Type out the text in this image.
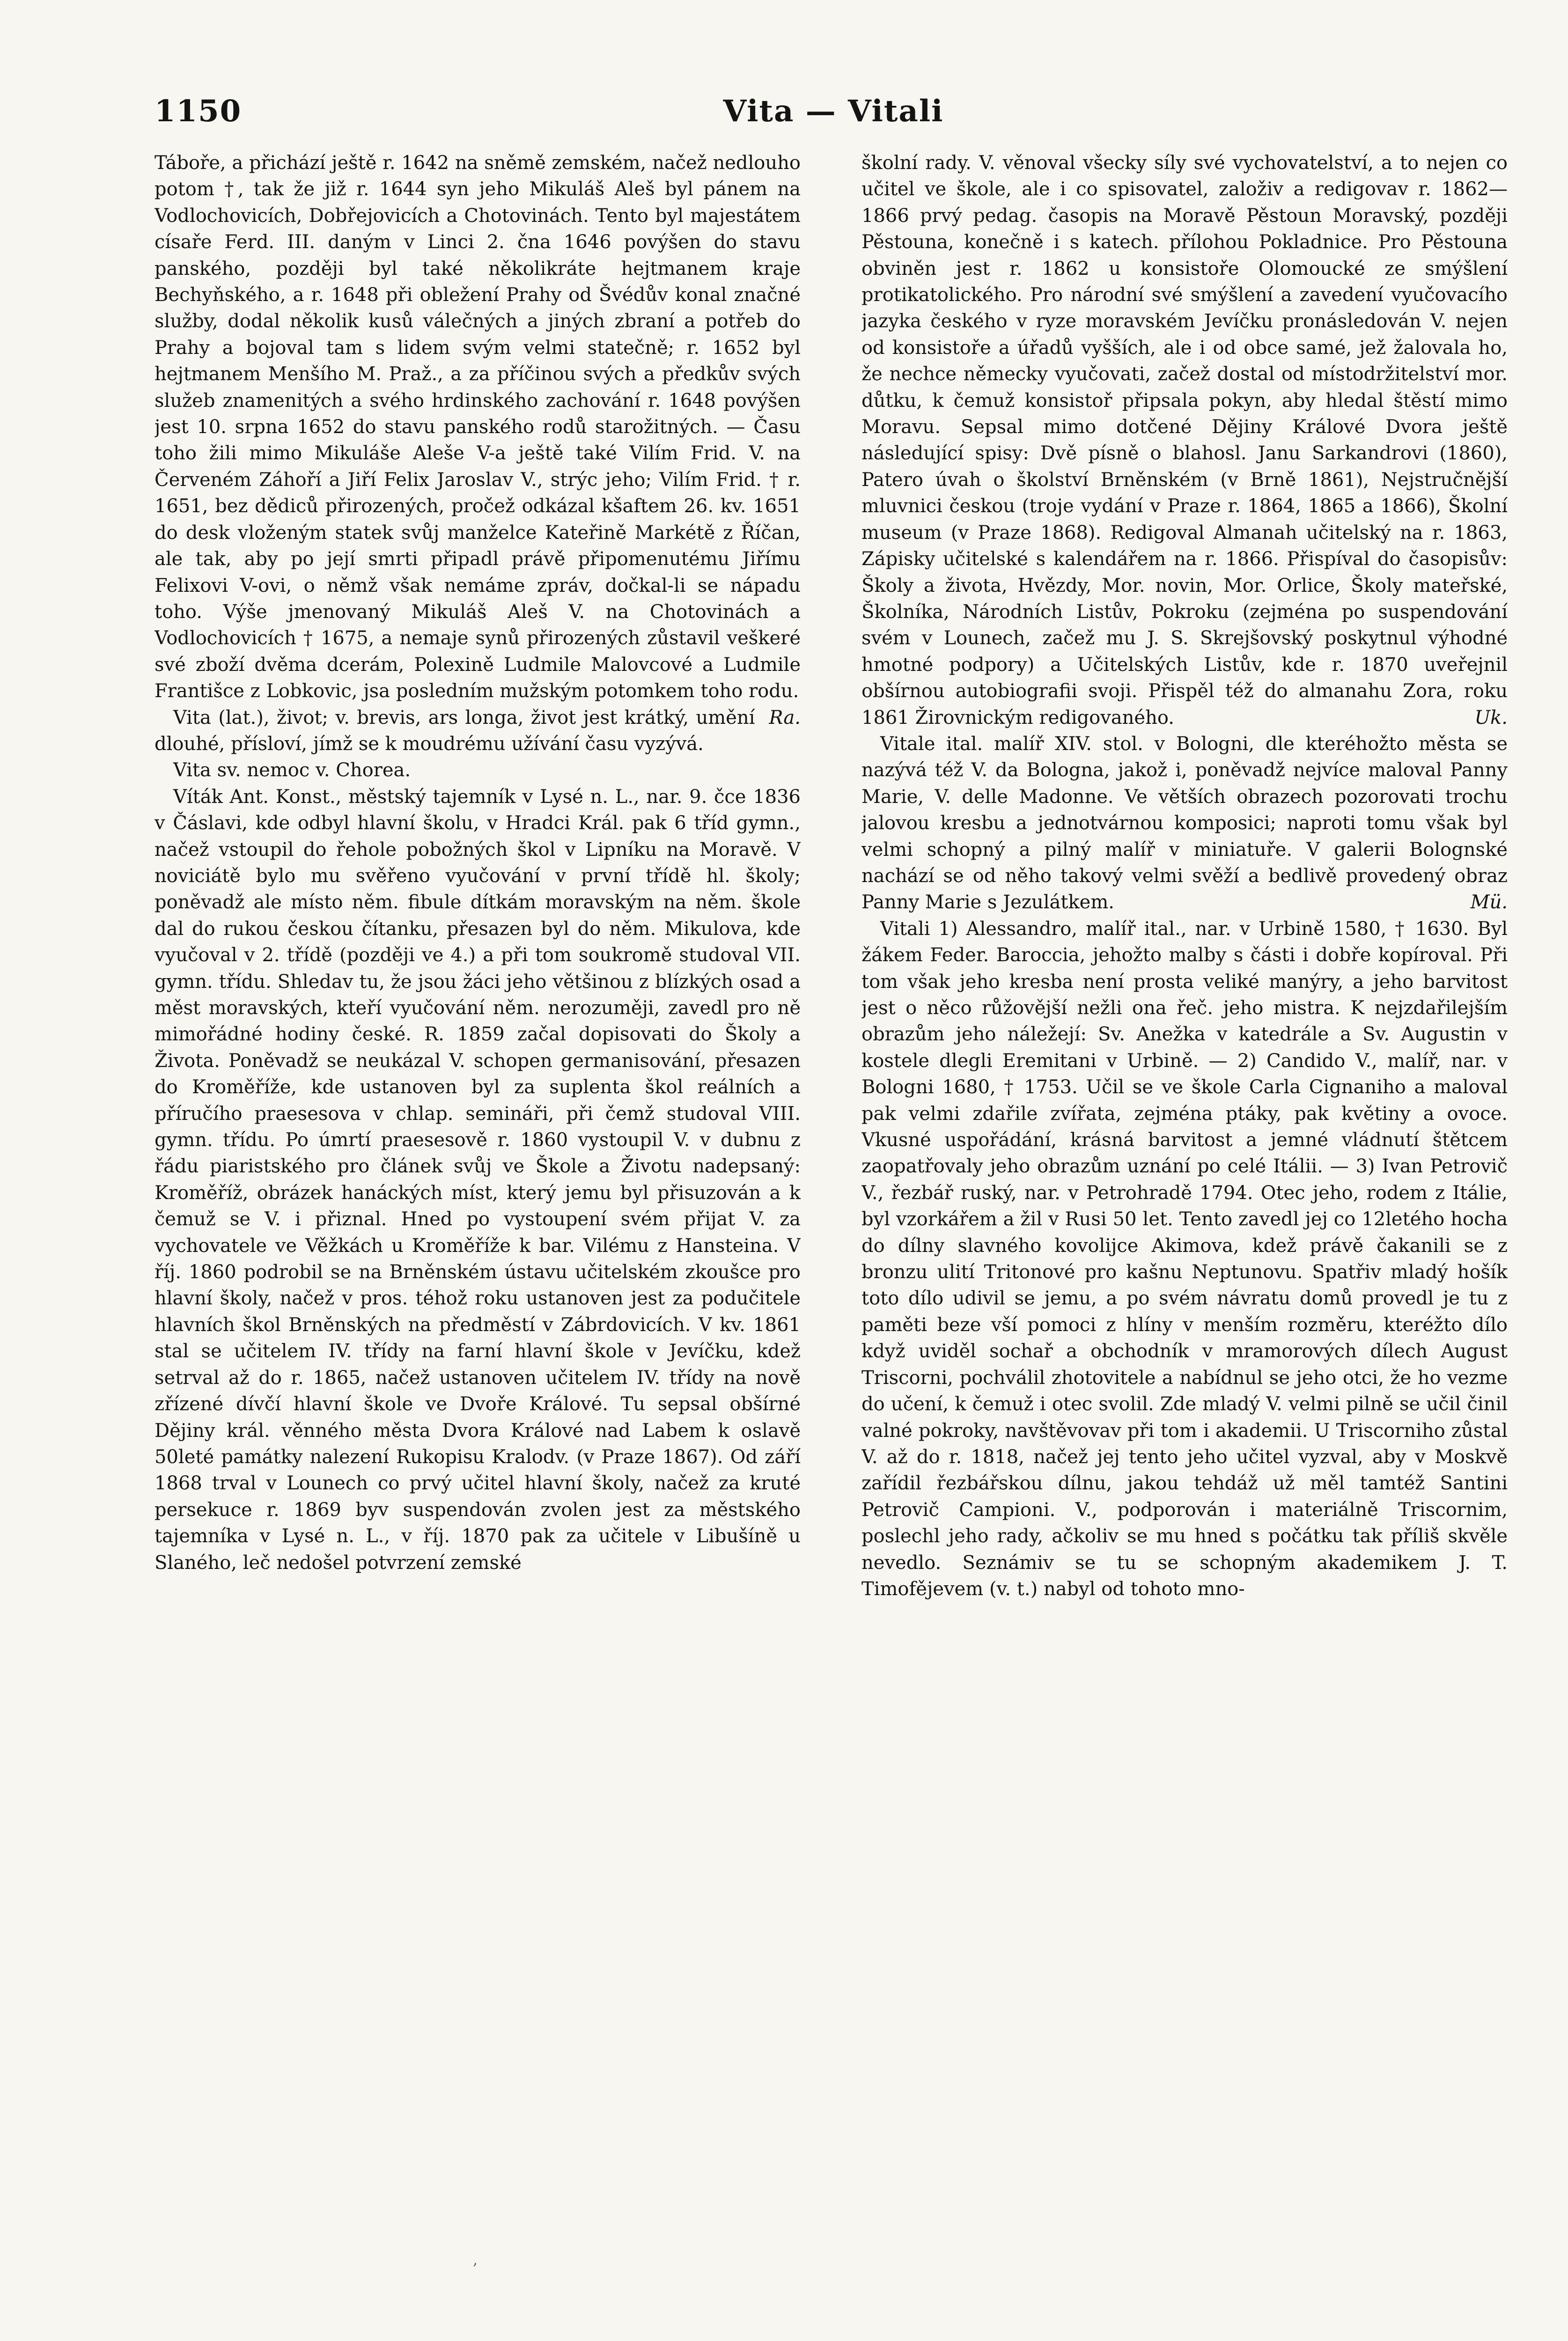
1150	Vita — Vitali

Táboře, a přichází ještě r. 1642 na sněmě zemském, načež nedlouho potom †, tak že již r. 1644 syn jeho Mikuláš Aleš byl pánem na Vodlochovicích, Dobřejovicích a Chotovinách. Tento byl majestátem císaře Ferd. III. daným v Linci 2. čna 1646 povýšen do stavu panského, později byl také několikráte hejtmanem kraje Bechyňského, a r. 1648 při obležení Prahy od Švédův konal značné služby, dodal několik kusů válečných a jiných zbraní a potřeb do Prahy a bojoval tam s lidem svým velmi statečně; r. 1652 byl hejtmanem Menšího M. Praž., a za příčinou svých a předkův svých služeb znamenitých a svého hrdinského zachování r. 1648 povýšen jest 10. srpna 1652 do stavu panského rodů starožitných. — Času toho žili mimo Mikuláše Aleše V-a ještě také Vilím Frid. V. na Červeném Záhoří a Jiří Felix Jaroslav V., strýc jeho; Vilím Frid. † r. 1651, bez dědiců přirozených, pročež odkázal kšaftem 26. kv. 1651 do desk vloženým statek svůj manželce Kateřině Markétě z Říčan, ale tak, aby po její smrti připadl právě připomenutému Jiřímu Felixovi V-ovi, o němž však nemáme zpráv, dočkal-li se nápadu toho. Výše jmenovaný Mikuláš Aleš V. na Chotovinách a Vodlochovicích † 1675, a nemaje synů přirozených zůstavil veškeré své zboží dvěma dcerám, Polexině Ludmile Malovcové a Ludmile Františce z Lobkovic, jsa posledním mužským potomkem toho rodu.
Ra.

Vita (lat.), život; v. brevis, ars longa, život jest krátký, umění dlouhé, přísloví, jímž se k moudrému užívání času vyzývá.

Vita sv. nemoc v. Chorea.

Víták Ant. Konst., městský tajemník v Lysé n. L., nar. 9. čce 1836 v Čáslavi, kde odbyl hlavní školu, v Hradci Král. pak 6 tříd gymn., načež vstoupil do řehole pobožných škol v Lipníku na Moravě. V noviciátě bylo mu svěřeno vyučování v první třídě hl. školy; poněvadž ale místo něm. fibule dítkám moravským na něm. škole dal do rukou českou čítanku, přesazen byl do něm. Mikulova, kde vyučoval v 2. třídě (později ve 4.) a při tom soukromě studoval VII. gymn. třídu. Shledav tu, že jsou žáci jeho většinou z blízkých osad a měst moravských, kteří vyučování něm. nerozuměji, zavedl pro ně mimořádné hodiny české. R. 1859 začal dopisovati do Školy a Života. Poněvadž se neukázal V. schopen germanisování, přesazen do Kroměříže, kde ustanoven byl za suplenta škol reálních a příručího praesesova v chlap. semináři, při čemž studoval VIII. gymn. třídu. Po úmrtí praesesově r. 1860 vystoupil V. v dubnu z řádu piaristského pro článek svůj ve Škole a Životu nadepsaný: Kroměříž, obrázek hanáckých míst, který jemu byl přisuzován a k čemuž se V. i přiznal. Hned po vystoupení svém přijat V. za vychovatele ve Věžkách u Kroměříže k bar. Vilému z Hansteina. V říj. 1860 podrobil se na Brněnském ústavu učitelském zkoušce pro hlavní školy, načež v pros. téhož roku ustanoven jest za podučitele hlavních škol Brněnských na předměstí v Zábrdovicích. V kv. 1861 stal se učitelem IV. třídy na farní hlavní škole v Jevíčku, kdež setrval až do r. 1865, načež ustanoven učitelem IV. třídy na nově zřízené dívčí hlavní škole ve Dvoře Králové. Tu sepsal obšírné Dějiny král. věnného města Dvora Králové nad Labem k oslavě 50leté památky nalezení Rukopisu Kralodv. (v Praze 1867). Od září 1868 trval v Lounech co prvý učitel hlavní školy, načež za kruté persekuce r. 1869 byv suspendován zvolen jest za městského tajemníka v Lysé n. L., v říj. 1870 pak za učitele v Libušíně u Slaného, leč nedošel potvrzení zemské

školní rady. V. věnoval všecky síly své vychovatelství, a to nejen co učitel ve škole, ale i co spisovatel, založiv a redigovav r. 1862—1866 prvý pedag. časopis na Moravě Pěstoun Moravský, později Pěstouna, konečně i s katech. přílohou Pokladnice. Pro Pěstouna obviněn jest r. 1862 u konsistoře Olomoucké ze smýšlení protikatolického. Pro národní své smýšlení a zavedení vyučovacího jazyka českého v ryze moravském Jevíčku pronásledován V. nejen od konsistoře a úřadů vyšších, ale i od obce samé, jež žalovala ho, že nechce německy vyučovati, začež dostal od místodržitelství mor. důtku, k čemuž konsistoř připsala pokyn, aby hledal štěstí mimo Moravu. Sepsal mimo dotčené Dějiny Králové Dvora ještě následující spisy: Dvě písně o blahosl. Janu Sarkandrovi (1860), Patero úvah o školství Brněnském (v Brně 1861), Nejstručnější mluvnici českou (troje vydání v Praze r. 1864, 1865 a 1866), Školní museum (v Praze 1868). Redigoval Almanah učitelský na r. 1863, Zápisky učitelské s kalendářem na r. 1866. Přispíval do časopisův: Školy a života, Hvězdy, Mor. novin, Mor. Orlice, Školy mateřské, Školníka, Národních Listův, Pokroku (zejména po suspendování svém v Lounech, začež mu J. S. Skrejšovský poskytnul výhodné hmotné podpory) a Učitelských Listův, kde r. 1870 uveřejnil obšírnou autobiografii svoji. Přispěl též do almanahu Zora, roku 1861 Žirovnickým redigovaného.	Uk.

Vitale ital. malíř XIV. stol. v Bologni, dle kteréhožto města se nazývá též V. da Bologna, jakož i, poněvadž nejvíce maloval Panny Marie, V. delle Madonne. Ve větších obrazech pozorovati trochu jalovou kresbu a jednotvárnou komposici; naproti tomu však byl velmi schopný a pilný malíř v miniatuře. V galerii Bolognské nachází se od něho takový velmi svěží a bedlivě provedený obraz Panny Marie s Jezulátkem.	Mü.

Vitali 1) Alessandro, malíř ital., nar. v Urbině 1580, † 1630. Byl žákem Feder. Baroccia, jehožto malby s části i dobře kopíroval. Při tom však jeho kresba není prosta veliké manýry, a jeho barvitost jest o něco růžovější nežli ona řeč. jeho mistra. K nejzdařilejším obrazům jeho náležejí: Sv. Anežka v katedrále a Sv. Augustin v kostele dlegli Eremitani v Urbině. — 2) Candido V., malíř, nar. v Bologni 1680, † 1753. Učil se ve škole Carla Cignaniho a maloval pak velmi zdařile zvířata, zejména ptáky, pak květiny a ovoce. Vkusné uspořádání, krásná barvitost a jemné vládnutí štětcem zaopatřovaly jeho obrazům uznání po celé Itálii. — 3) Ivan Petrovič V., řezbář ruský, nar. v Petrohradě 1794. Otec jeho, rodem z Itálie, byl vzorkářem a žil v Rusi 50 let. Tento zavedl jej co 12letého hocha do dílny slavného kovolijce Akimova, kdež právě čakanili se z bronzu ulití Tritonové pro kašnu Neptunovu. Spatřiv mladý hošík toto dílo udivil se jemu, a po svém návratu domů provedl je tu z paměti beze vší pomoci z hlíny v menším rozměru, kteréžto dílo když uviděl sochař a obchodník v mramorových dílech August Triscorni, pochválil zhotovitele a nabídnul se jeho otci, že ho vezme do učení, k čemuž i otec svolil. Zde mladý V. velmi pilně se učil činil valné pokroky, navštěvovav při tom i akademii. U Triscorniho zůstal V. až do r. 1818, načež jej tento jeho učitel vyzval, aby v Moskvě zařídil řezbářskou dílnu, jakou tehdáž už měl tamtéž Santini Petrovič Campioni. V., podporován i materiálně Triscornim, poslechl jeho rady, ačkoliv se mu hned s počátku tak příliš skvěle nevedlo. Seznámiv se tu se schopným akademikem J. T. Timofějevem (v. t.) nabyl od tohoto mno-

‚
